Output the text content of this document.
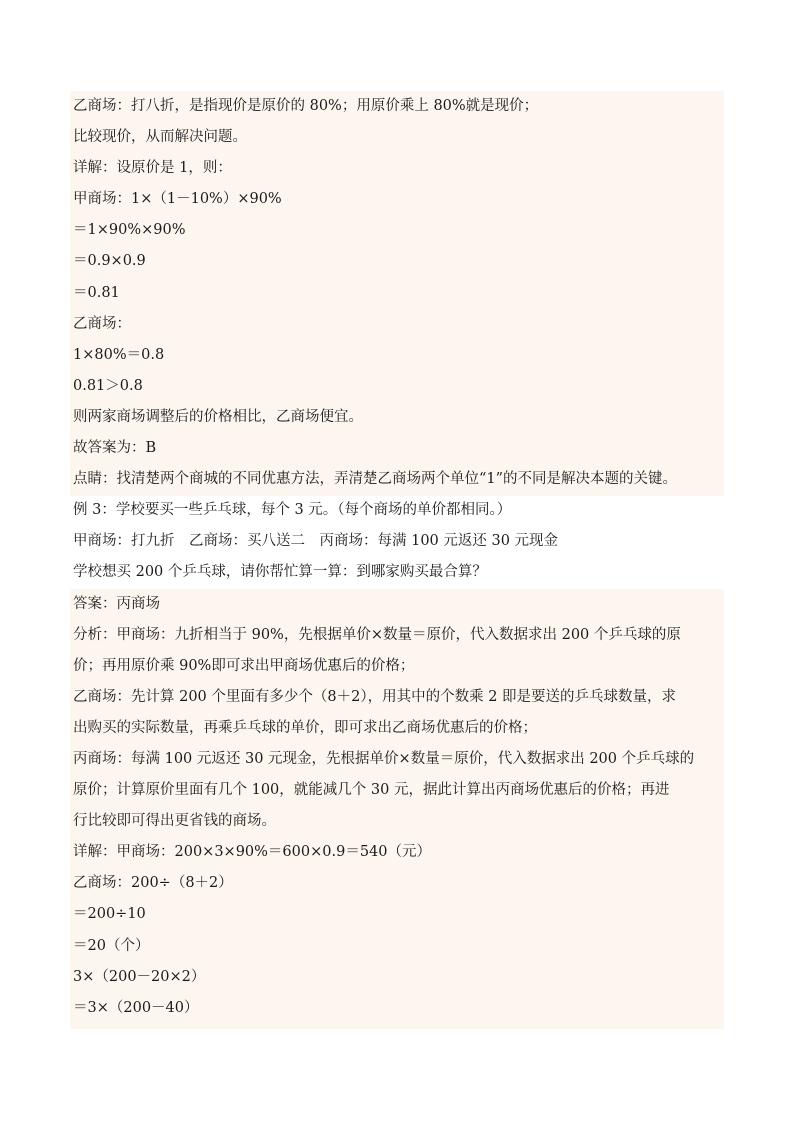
乙商场：打八折，是指现价是原价的 80%；用原价乘上 80%就是现价；
比较现价，从而解决问题。
详解：设原价是 1，则：
甲商场：1×（1－10%）×90%
＝1×90%×90%
＝0.9×0.9
＝0.81
乙商场：
1×80%＝0.8
0.81＞0.8
则两家商场调整后的价格相比，乙商场便宜。
故答案为：B
点睛：找清楚两个商城的不同优惠方法，弄清楚乙商场两个单位“1”的不同是解决本题的关键。
例 3：学校要买一些乒乓球，每个 3 元。（每个商场的单价都相同。）
甲商场：打九折　乙商场：买八送二　丙商场：每满 100 元返还 30 元现金
学校想买 200 个乒乓球，请你帮忙算一算：到哪家购买最合算？
答案：丙商场
分析：甲商场：九折相当于 90%，先根据单价×数量＝原价，代入数据求出 200 个乒乓球的原
价；再用原价乘 90%即可求出甲商场优惠后的价格；
乙商场：先计算 200 个里面有多少个（8＋2），用其中的个数乘 2 即是要送的乒乓球数量，求
出购买的实际数量，再乘乒乓球的单价，即可求出乙商场优惠后的价格；
丙商场：每满 100 元返还 30 元现金，先根据单价×数量＝原价，代入数据求出 200 个乒乓球的
原价；计算原价里面有几个 100，就能减几个 30 元，据此计算出丙商场优惠后的价格；再进
行比较即可得出更省钱的商场。
详解：甲商场：200×3×90%＝600×0.9＝540（元）
乙商场：200÷（8＋2）
＝200÷10
＝20（个）
3×（200－20×2）
＝3×（200－40）
